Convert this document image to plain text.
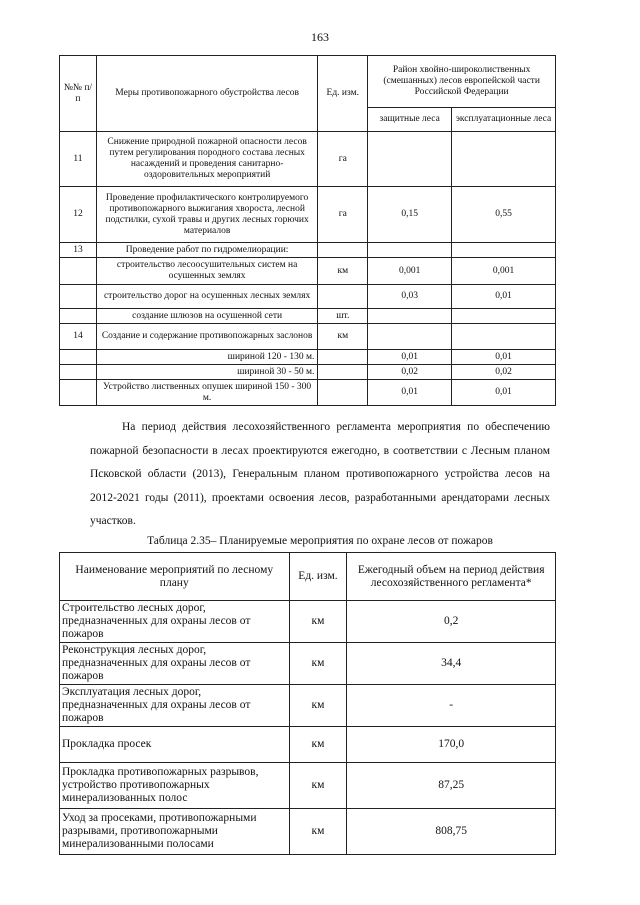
163
№№ п/п	Меры противопожарного обустройства лесов	Ед. изм.	Район хвойно-широколиственных (смешанных) лесов европейской части Российской Федерации	
			защитные леса	эксплуатационные леса
11	Снижение природной пожарной опасности лесов путем регулирования породного состава лесных насаждений и проведения санитарно-оздоровительных мероприятий	га		
12	Проведение профилактического контролируемого противопожарного выжигания хвороста, лесной подстилки, сухой травы и других лесных горючих материалов	га	0,15	0,55
13	Проведение работ по гидромелиорации:			
	строительство лесоосушительных систем на осушенных землях	км	0,001	0,001
	строительство дорог на осушенных лесных землях		0,03	0,01
	создание шлюзов на осушенной сети	шт.		
14	Создание и содержание противопожарных заслонов	км		
	шириной 120 - 130 м.		0,01	0,01
	шириной 30 - 50 м.		0,02	0,02
	Устройство лиственных опушек шириной 150 - 300 м.		0,01	0,01

На период действия лесохозяйственного регламента мероприятия по обеспечению пожарной безопасности в лесах проектируются ежегодно, в соответствии с Лесным планом Псковской области (2013), Генеральным планом противопожарного устройства лесов на 2012-2021 годы (2011), проектами освоения лесов, разработанными арендаторами лесных участков.

Таблица 2.35– Планируемые мероприятия по охране лесов от пожаров
Наименование мероприятий по лесному плану	Ед. изм.	Ежегодный объем на период действия лесохозяйственного регламента*
Строительство лесных дорог, предназначенных для охраны лесов от пожаров	км	0,2
Реконструкция лесных дорог, предназначенных для охраны лесов от пожаров	км	34,4
Эксплуатация лесных дорог, предназначенных для охраны лесов от пожаров	км	-
Прокладка просек	км	170,0
Прокладка противопожарных разрывов, устройство противопожарных минерализованных полос	км	87,25
Уход за просеками, противопожарными разрывами, противопожарными минерализованными полосами	км	808,75
